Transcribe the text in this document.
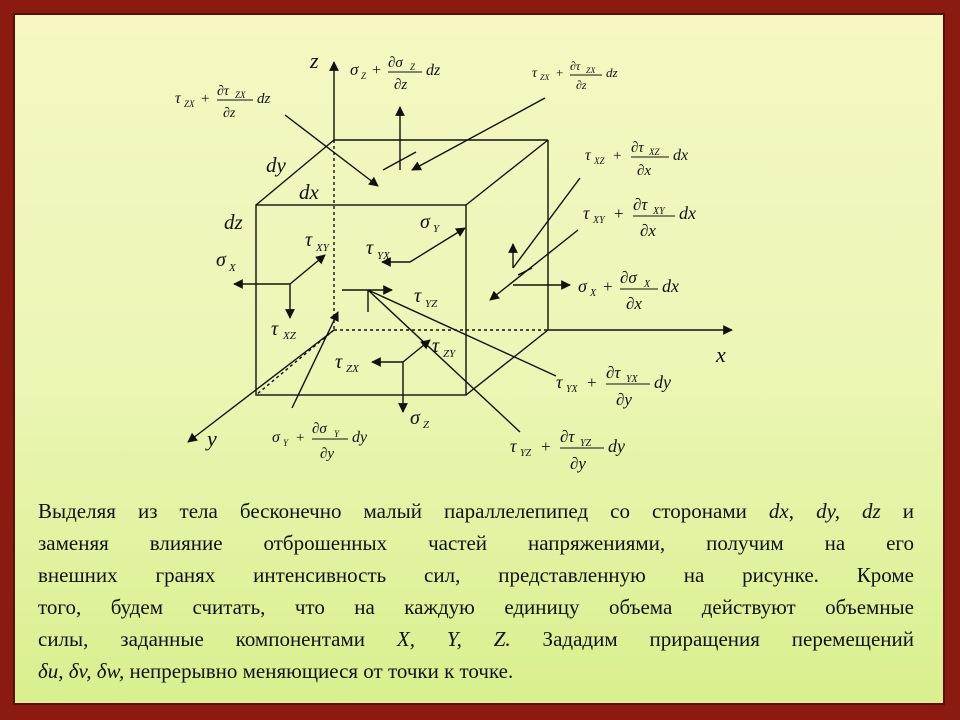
z
x
y
dy
dx
dz
σ X
τ XY
τ XZ
τ YX
σ Y
τ YZ
τ ZX
τ ZY
σ Z
σ Z + ∂σ Z
∂z
dz
τ ZX + ∂τ ZX
∂z
dz
τ ZX + ∂τ ZX
∂z
dz
τ XZ + ∂τ XZ
∂x
dx
τ XY + ∂τ XY
∂x
dx
σ X + ∂σ X
∂x
dx
τ YX +
∂τ YX
∂y
dy
σ Y +
∂σ Y
∂y
dy	τ YZ +
∂τ YZ
∂y
dy
Выделяя из тела бесконечно малый параллелепипед со сторонами dx, dy, dz и
заменяя влияние отброшенных частей напряжениями, получим на его
внешних гранях интенсивность сил, представленную на рисунке. Кроме
того, будем считать, что на каждую единицу объема действуют объемные
силы, заданные компонентами X, Y, Z. Зададим приращения перемещений
δu, δv, δw, непрерывно меняющиеся от точки к точке.
